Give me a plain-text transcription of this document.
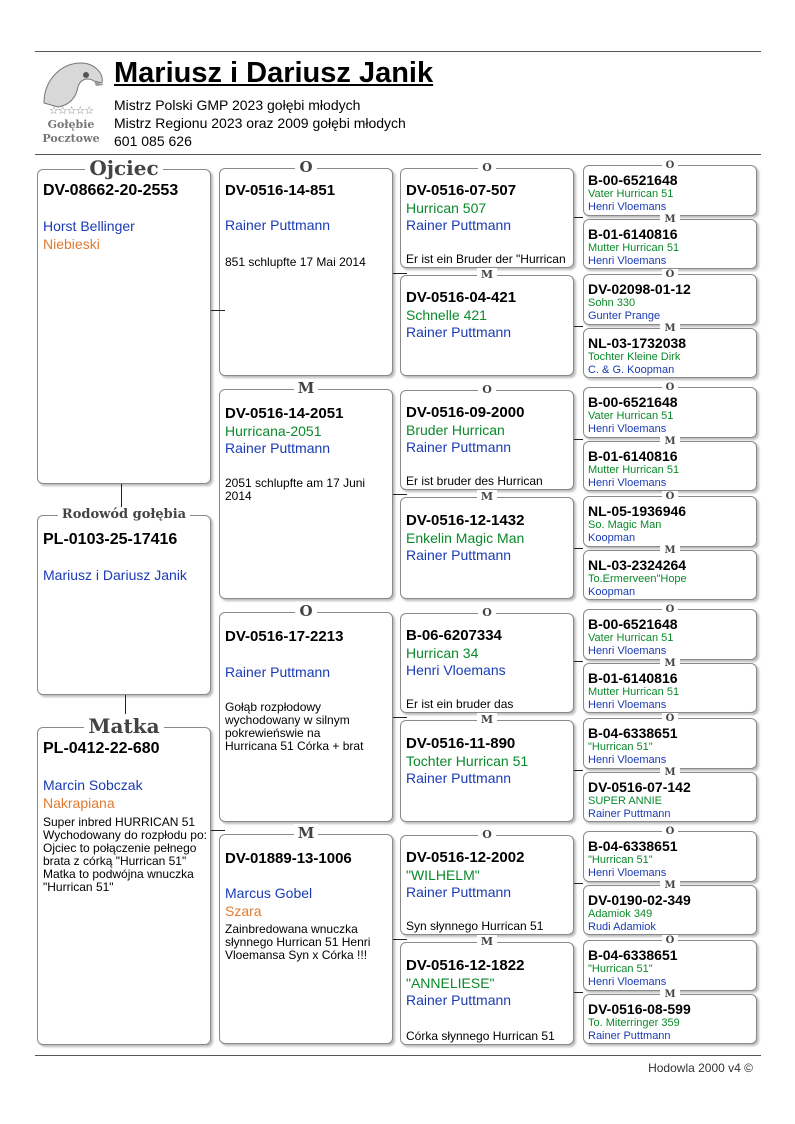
☆☆☆☆☆
Gołębie
Pocztowe
Mariusz i Dariusz Janik
Mistrz Polski GMP 2023 gołębi młodych
Mistrz Regionu 2023 oraz 2009 gołębi młodych
601 085 626
Ojciec
DV-08662-20-2553
Horst Bellinger
Niebieski
Rodowód gołębia
PL-0103-25-17416
Mariusz i Dariusz Janik
Matka
PL-0412-22-680
Marcin Sobczak
Nakrapiana
Super inbred HURRICAN 51 Wychodowany do rozpłodu po: Ojciec to połączenie pełnego brata z córką "Hurrican 51" Matka to podwójna wnuczka "Hurrican 51"
O
DV-0516-14-851
Rainer Puttmann
851 schlupfte 17 Mai 2014
M
DV-0516-14-2051
Hurricana-2051
Rainer Puttmann
2051 schlupfte am 17 Juni 2014
O
DV-0516-17-2213
Rainer Puttmann
Gołąb rozpłodowy wychodowany w silnym pokrewieńswie na Hurricana 51 Córka + brat
M
DV-01889-13-1006
Marcus Gobel
Szara
Zainbredowana wnuczka słynnego Hurrican 51 Henri Vloemansa Syn x Córka !!!
O
DV-0516-07-507
Hurrican 507
Rainer Puttmann
Er ist ein Bruder der "Hurrican
M
DV-0516-04-421
Schnelle 421
Rainer Puttmann
O
DV-0516-09-2000
Bruder Hurrican
Rainer Puttmann
Er ist bruder des Hurrican
M
DV-0516-12-1432
Enkelin Magic Man
Rainer Puttmann
O
B-06-6207334
Hurrican 34
Henri Vloemans
Er ist ein bruder das
M
DV-0516-11-890
Tochter Hurrican 51
Rainer Puttmann
O
DV-0516-12-2002
"WILHELM"
Rainer Puttmann
Syn słynnego Hurrican 51
M
DV-0516-12-1822
"ANNELIESE"
Rainer Puttmann
Córka słynnego Hurrican 51
O
B-00-6521648
Vater Hurrican 51
Henri Vloemans
M
B-01-6140816
Mutter Hurrican 51
Henri Vloemans
O
DV-02098-01-12
Sohn 330
Gunter Prange
M
NL-03-1732038
Tochter Kleine Dirk
C. & G. Koopman
O
B-00-6521648
Vater Hurrican 51
Henri Vloemans
M
B-01-6140816
Mutter Hurrican 51
Henri Vloemans
O
NL-05-1936946
So. Magic Man
Koopman
M
NL-03-2324264
To.Ermerveen"Hope
Koopman
O
B-00-6521648
Vater Hurrican 51
Henri Vloemans
M
B-01-6140816
Mutter Hurrican 51
Henri Vloemans
O
B-04-6338651
"Hurrican 51"
Henri Vloemans
M
DV-0516-07-142
SUPER ANNIE
Rainer Puttmann
O
B-04-6338651
"Hurrican 51"
Henri Vloemans
M
DV-0190-02-349
Adamiok 349
Rudi Adamiok
O
B-04-6338651
"Hurrican 51"
Henri Vloemans
M
DV-0516-08-599
To. Miterringer 359
Rainer Puttmann
Hodowla 2000 v4 ©
